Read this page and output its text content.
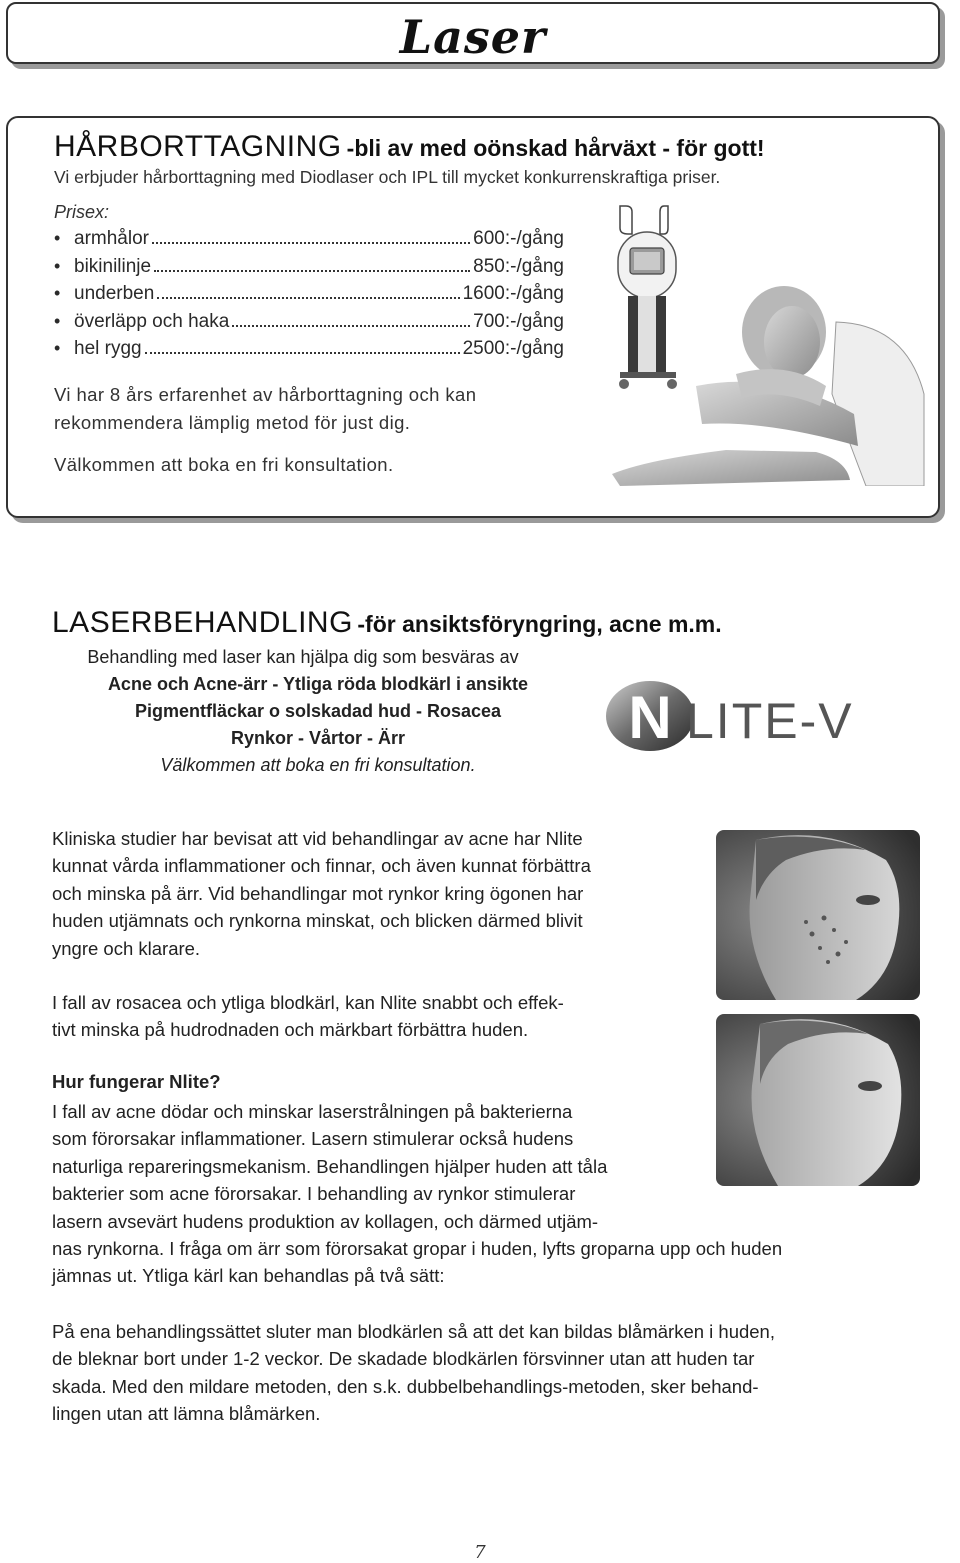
Laser
HÅRBORTTAGNING -bli av med oönskad hårväxt - för gott!
Vi erbjuder hårborttagning med Diodlaser och IPL till mycket konkurrenskraftiga priser.
Prisex:
• armhålor	600:-/gång
• bikinilinje	850:-/gång
• underben	1600:-/gång
• överläpp och haka	700:-/gång
• hel rygg	2500:-/gång
Vi har 8 års erfarenhet av hårborttagning och kan
rekommendera lämplig metod för just dig.
Välkommen att boka en fri konsultation.
LASERBEHANDLING -för ansiktsföryngring, acne m.m.
Behandling med laser kan hjälpa dig som besväras av
Acne och Acne-ärr - Ytliga röda blodkärl i ansikte
Pigmentfläckar o solskadad hud - Rosacea
Rynkor - Vårtor - Ärr
Välkommen att boka en fri konsultation.
N LITE-V
Kliniska studier har bevisat att vid behandlingar av acne har Nlite
kunnat vårda inflammationer och finnar, och även kunnat förbättra
och minska på ärr. Vid behandlingar mot rynkor kring ögonen har
huden utjämnats och rynkorna minskat, och blicken därmed blivit
yngre och klarare.
I fall av rosacea och ytliga blodkärl, kan Nlite snabbt och effek-
tivt minska på hudrodnaden och märkbart förbättra huden.
Hur fungerar Nlite?
I fall av acne dödar och minskar laserstrålningen på bakterierna
som förorsakar inflammationer. Lasern stimulerar också hudens
naturliga repareringsmekanism. Behandlingen hjälper huden att tåla
bakterier som acne förorsakar. I behandling av rynkor stimulerar
lasern avsevärt hudens produktion av kollagen, och därmed utjäm-
nas rynkorna. I fråga om ärr som förorsakat gropar i huden, lyfts groparna upp och huden
jämnas ut. Ytliga kärl kan behandlas på två sätt:
På ena behandlingssättet sluter man blodkärlen så att det kan bildas blåmärken i huden,
de bleknar bort under 1-2 veckor. De skadade blodkärlen försvinner utan att huden tar
skada. Med den mildare metoden, den s.k. dubbelbehandlings-metoden, sker behand-
lingen utan att lämna blåmärken.
7
